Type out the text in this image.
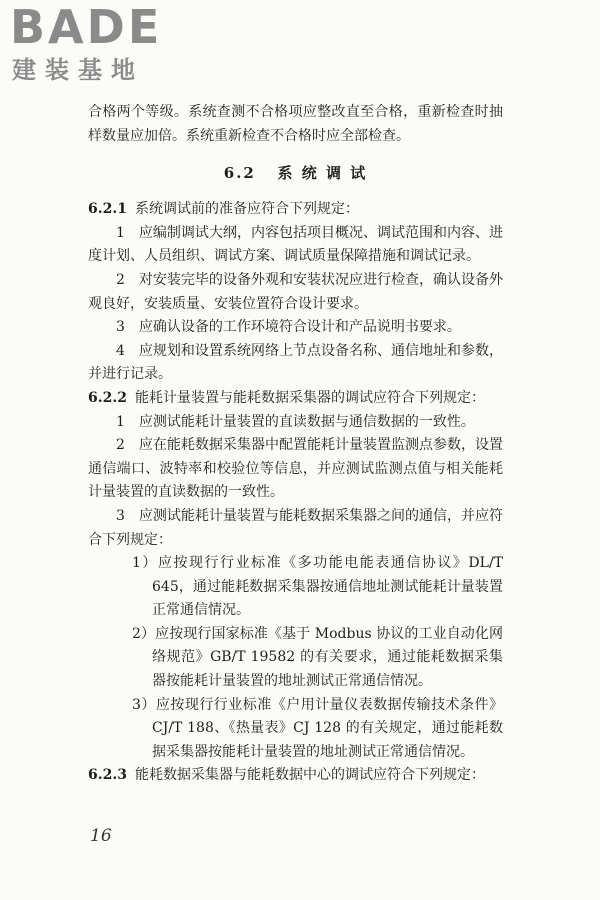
BADE
建装基地

合格两个等级。系统查测不合格项应整改直至合格，重新检查时抽样数量应加倍。系统重新检查不合格时应全部检查。

6.2 系 统 调 试

6.2.1 系统调试前的准备应符合下列规定：

1　应编制调试大纲，内容包括项目概况、调试范围和内容、进度计划、人员组织、调试方案、调试质量保障措施和调试记录。

2　对安装完毕的设备外观和安装状况应进行检查，确认设备外观良好，安装质量、安装位置符合设计要求。

3　应确认设备的工作环境符合设计和产品说明书要求。

4　应规划和设置系统网络上节点设备名称、通信地址和参数，并进行记录。

6.2.2 能耗计量装置与能耗数据采集器的调试应符合下列规定：

1　应测试能耗计量装置的直读数据与通信数据的一致性。

2　应在能耗数据采集器中配置能耗计量装置监测点参数，设置通信端口、波特率和校验位等信息，并应测试监测点值与相关能耗计量装置的直读数据的一致性。

3　应测试能耗计量装置与能耗数据采集器之间的通信，并应符合下列规定：

1）应按现行行业标准《多功能电能表通信协议》DL/T 645，通过能耗数据采集器按通信地址测试能耗计量装置正常通信情况。

2）应按现行国家标准《基于 Modbus 协议的工业自动化网络规范》GB/T 19582 的有关要求，通过能耗数据采集器按能耗计量装置的地址测试正常通信情况。

3）应按现行行业标准《户用计量仪表数据传输技术条件》CJ/T 188、《热量表》CJ 128 的有关规定，通过能耗数据采集器按能耗计量装置的地址测试正常通信情况。

6.2.3 能耗数据采集器与能耗数据中心的调试应符合下列规定：

16
